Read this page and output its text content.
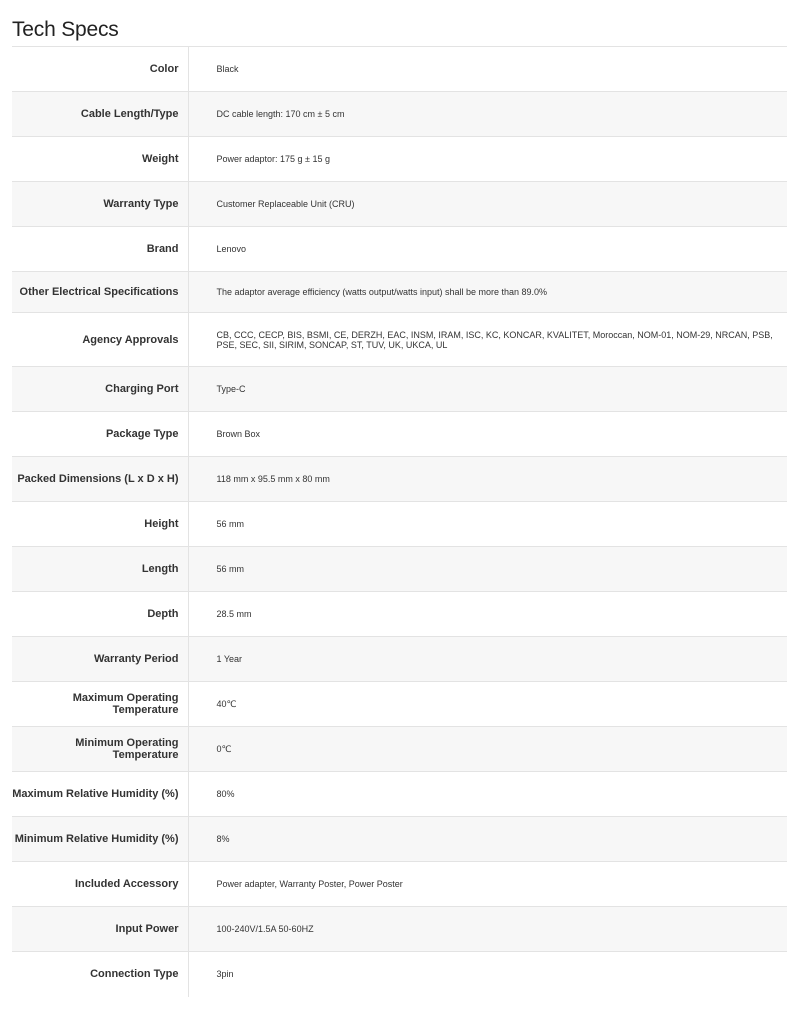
Tech Specs
Color	Black
Cable Length/Type	DC cable length: 170 cm ± 5 cm
Weight	Power adaptor: 175 g ± 15 g
Warranty Type	Customer Replaceable Unit (CRU)
Brand	Lenovo
Other Electrical Specifications	The adaptor average efficiency (watts output/watts input) shall be more than 89.0%
Agency Approvals	CB, CCC, CECP, BIS, BSMI, CE, DERZH, EAC, INSM, IRAM, ISC, KC, KONCAR, KVALITET, Moroccan, NOM-01, NOM-29, NRCAN, PSB, PSE, SEC, SII, SIRIM, SONCAP, ST, TUV, UK, UKCA, UL
Charging Port	Type-C
Package Type	Brown Box
Packed Dimensions (L x D x H)	118 mm x 95.5 mm x 80 mm
Height	56 mm
Length	56 mm
Depth	28.5 mm
Warranty Period	1 Year
Maximum Operating Temperature	40℃
Minimum Operating Temperature	0℃
Maximum Relative Humidity (%)	80%
Minimum Relative Humidity (%)	8%
Included Accessory	Power adapter, Warranty Poster, Power Poster
Input Power	100-240V/1.5A 50-60HZ
Connection Type	3pin
